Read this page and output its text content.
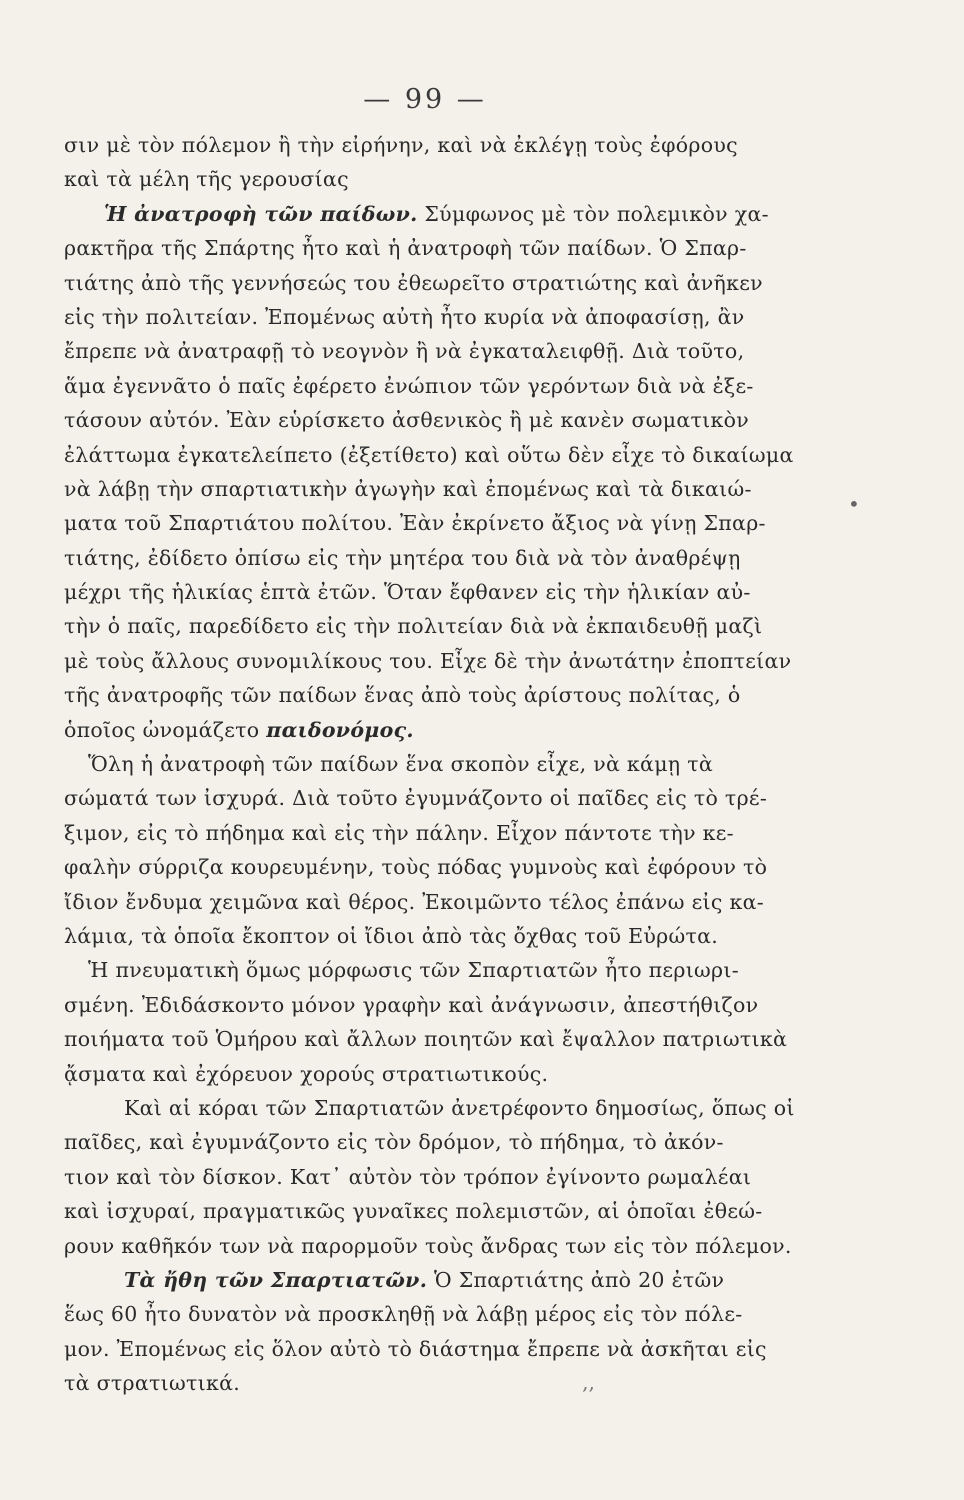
— 99 —
σιν μὲ τὸν πόλεμον ἢ τὴν εἰρήνην, καὶ νὰ ἐκλέγῃ τοὺς ἐφόρους
καὶ τὰ μέλη τῆς γερουσίας
Ἡ ἀνατροφὴ τῶν παίδων. Σύμφωνος μὲ τὸν πολεμικὸν χα-
ρακτῆρα τῆς Σπάρτης ἦτο καὶ ἡ ἀνατροφὴ τῶν παίδων. Ὁ Σπαρ-
τιάτης ἀπὸ τῆς γεννήσεώς του ἐθεωρεῖτο στρατιώτης καὶ ἀνῆκεν
εἰς τὴν πολιτείαν. Ἐπομένως αὐτὴ ἦτο κυρία νὰ ἀποφασίσῃ, ἂν
ἔπρεπε νὰ ἀνατραφῇ τὸ νεογνὸν ἢ νὰ ἐγκαταλειφθῇ. Διὰ τοῦτο,
ἅμα ἐγεννᾶτο ὁ παῖς ἐφέρετο ἐνώπιον τῶν γερόντων διὰ νὰ ἐξε-
τάσουν αὐτόν. Ἐὰν εὑρίσκετο ἀσθενικὸς ἢ μὲ κανὲν σωματικὸν
ἐλάττωμα ἐγκατελείπετο (ἐξετίθετο) καὶ οὕτω δὲν εἶχε τὸ δικαίωμα
νὰ λάβῃ τὴν σπαρτιατικὴν ἀγωγὴν καὶ ἐπομένως καὶ τὰ δικαιώ-
ματα τοῦ Σπαρτιάτου πολίτου. Ἐὰν ἐκρίνετο ἄξιος νὰ γίνῃ Σπαρ-
τιάτης, ἐδίδετο ὀπίσω εἰς τὴν μητέρα του διὰ νὰ τὸν ἀναθρέψῃ
μέχρι τῆς ἡλικίας ἑπτὰ ἐτῶν. Ὅταν ἔφθανεν εἰς τὴν ἡλικίαν αὐ-
τὴν ὁ παῖς, παρεδίδετο εἰς τὴν πολιτείαν διὰ νὰ ἐκπαιδευθῇ μαζὶ
μὲ τοὺς ἄλλους συνομιλίκους του. Εἶχε δὲ τὴν ἀνωτάτην ἐποπτείαν
τῆς ἀνατροφῆς τῶν παίδων ἕνας ἀπὸ τοὺς ἀρίστους πολίτας, ὁ
ὁποῖος ὠνομάζετο παιδονόμος.
Ὅλη ἡ ἀνατροφὴ τῶν παίδων ἕνα σκοπὸν εἶχε, νὰ κάμῃ τὰ
σώματά των ἰσχυρά. Διὰ τοῦτο ἐγυμνάζοντο οἱ παῖδες εἰς τὸ τρέ-
ξιμον, εἰς τὸ πήδημα καὶ εἰς τὴν πάλην. Εἶχον πάντοτε τὴν κε-
φαλὴν σύρριζα κουρευμένην, τοὺς πόδας γυμνοὺς καὶ ἐφόρουν τὸ
ἴδιον ἔνδυμα χειμῶνα καὶ θέρος. Ἐκοιμῶντο τέλος ἐπάνω εἰς κα-
λάμια, τὰ ὁποῖα ἔκοπτον οἱ ἴδιοι ἀπὸ τὰς ὄχθας τοῦ Εὐρώτα.
Ἡ πνευματικὴ ὅμως μόρφωσις τῶν Σπαρτιατῶν ἦτο περιωρι-
σμένη. Ἐδιδάσκοντο μόνον γραφὴν καὶ ἀνάγνωσιν, ἀπεστήθιζον
ποιήματα τοῦ Ὁμήρου καὶ ἄλλων ποιητῶν καὶ ἔψαλλον πατριωτικὰ
ᾄσματα καὶ ἐχόρευον χορούς στρατιωτικούς.
Καὶ αἱ κόραι τῶν Σπαρτιατῶν ἀνετρέφοντο δημοσίως, ὅπως οἱ
παῖδες, καὶ ἐγυμνάζοντο εἰς τὸν δρόμον, τὸ πήδημα, τὸ ἀκόν-
τιον καὶ τὸν δίσκον. Κατ᾽ αὐτὸν τὸν τρόπον ἐγίνοντο ρωμαλέαι
καὶ ἰσχυραί, πραγματικῶς γυναῖκες πολεμιστῶν, αἱ ὁποῖαι ἐθεώ-
ρουν καθῆκόν των νὰ παρορμοῦν τοὺς ἄνδρας των εἰς τὸν πόλεμον.
Τὰ ἤθη τῶν Σπαρτιατῶν. Ὁ Σπαρτιάτης ἀπὸ 20 ἐτῶν
ἕως 60 ἦτο δυνατὸν νὰ προσκληθῇ νὰ λάβῃ μέρος εἰς τὸν πόλε-
μον. Ἐπομένως εἰς ὅλον αὐτὸ τὸ διάστημα ἔπρεπε νὰ ἀσκῆται εἰς
τὰ στρατιωτικά.
•
‚‚
